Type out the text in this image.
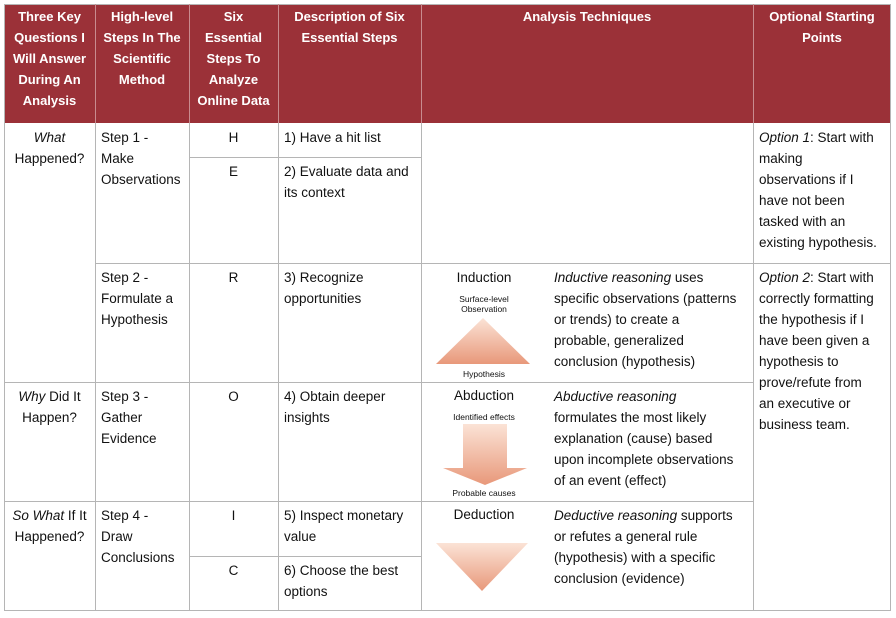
Three Key
Questions I
Will Answer
During An
Analysis
High-level
Steps In The
Scientific
Method
Six
Essential
Steps To
Analyze
Online Data
Description of Six
Essential Steps
Analysis Techniques	Optional Starting
Points
What
Happened?
Why Did It
Happen?
So What If It
Happened?
Step 1 -
Make
Observations
Step 2 -
Formulate a
Hypothesis
Step 3 -
Gather
Evidence
Step 4 -
Draw
Conclusions
H
E
R
O
I
C
1) Have a hit list
2) Evaluate data and
its context
3) Recognize
opportunities
4) Obtain deeper
insights
5) Inspect monetary
value
6) Choose the best
options
Induction
Surface-level
Observation
Hypothesis
Inductive reasoning uses
specific observations (patterns
or trends) to create a
probable, generalized
conclusion (hypothesis)
Abduction
Identified effects
Probable causes
Abductive reasoning
formulates the most likely
explanation (cause) based
upon incomplete observations
of an event (effect)
Deduction	Deductive reasoning supports
or refutes a general rule
(hypothesis) with a specific
conclusion (evidence)
Option 1: Start with
making
observations if I
have not been
tasked with an
existing hypothesis.
Option 2: Start with
correctly formatting
the hypothesis if I
have been given a
hypothesis to
prove/refute from
an executive or
business team.
